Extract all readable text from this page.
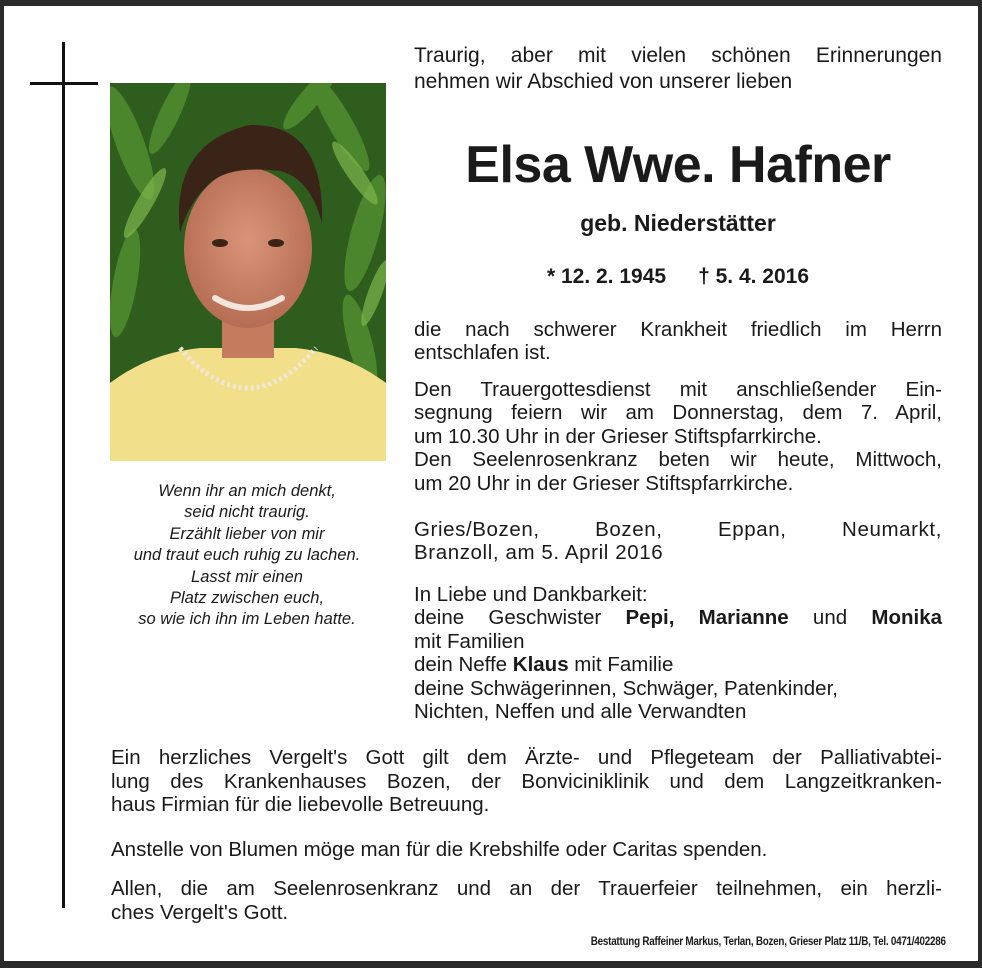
Wenn ihr an mich denkt,
seid nicht traurig.
Erzählt lieber von mir
und traut euch ruhig zu lachen.
Lasst mir einen
Platz zwischen euch,
so wie ich ihn im Leben hatte.
Traurig, aber mit vielen schönen Erinnerungen
nehmen wir Abschied von unserer lieben
Elsa Wwe. Hafner
geb. Niederstätter
* 12. 2. 1945 † 5. 4. 2016
die nach schwerer Krankheit friedlich im Herrn
entschlafen ist.
Den Trauergottesdienst mit anschließender Ein-
segnung feiern wir am Donnerstag, dem 7. April,
um 10.30 Uhr in der Grieser Stiftspfarrkirche.
Den Seelenrosenkranz beten wir heute, Mittwoch,
um 20 Uhr in der Grieser Stiftspfarrkirche.
Gries/Bozen, Bozen, Eppan, Neumarkt,
Branzoll, am 5. April 2016
In Liebe und Dankbarkeit:
deine Geschwister Pepi, Marianne und Monika
mit Familien
dein Neffe Klaus mit Familie
deine Schwägerinnen, Schwäger, Patenkinder,
Nichten, Neffen und alle Verwandten
Ein herzliches Vergelt's Gott gilt dem Ärzte- und Pflegeteam der Palliativabtei-
lung des Krankenhauses Bozen, der Bonviciniklinik und dem Langzeitkranken-
haus Firmian für die liebevolle Betreuung.
Anstelle von Blumen möge man für die Krebshilfe oder Caritas spenden.
Allen, die am Seelenrosenkranz und an der Trauerfeier teilnehmen, ein herzli-
ches Vergelt's Gott.
Bestattung Raffeiner Markus, Terlan, Bozen, Grieser Platz 11/B, Tel. 0471/402286
